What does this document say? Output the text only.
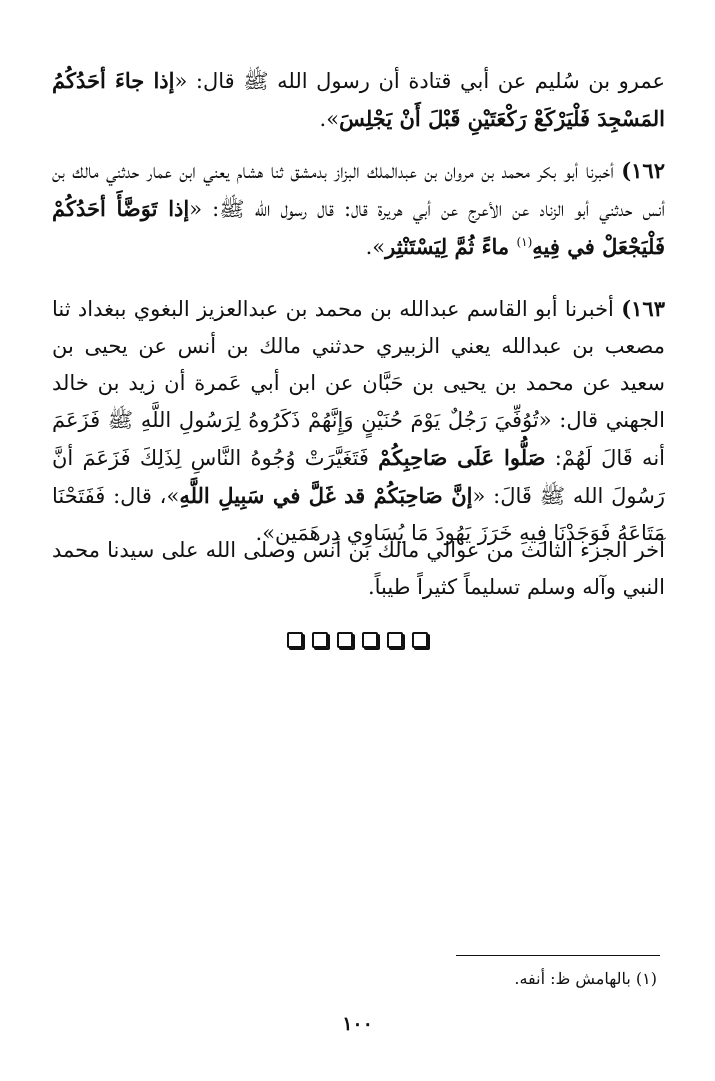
عمرو بن سُليم عن أبي قتادة أن رسول الله ﷺ قال: «إذا جاءَ أحَدُكُمُ المَسْجِدَ فَلْيَرْكَعْ رَكْعَتَيْنِ قَبْلَ أَنْ يَجْلِسَ».

١٦٢) أخبرنا أبو بكر محمد بن مروان بن عبدالملك البزاز بدمشق ثنا هشام يعني ابن عمار حدثني مالك بن أنس حدثني أبو الزناد عن الأعرج عن أبي هريرة قال: قال رسول الله ﷺ: «إذا تَوَضَّأَ أحَدُكُمْ فَلْيَجْعَلْ في فِيهِ$^{(١)}$ ماءً ثُمَّ لِيَسْتَنْثِر».

١٦٣) أخبرنا أبو القاسم عبدالله بن محمد بن عبدالعزيز البغوي ببغداد ثنا مصعب بن عبدالله يعني الزبيري حدثني مالك بن أنس عن يحيى بن سعيد عن محمد بن يحيى بن حَبَّان عن ابن أبي عَمرة أن زيد بن خالد الجهني قال: «تُوُفِّيَ رَجُلٌ يَوْمَ حُنَيْنٍ وَإِنَّهُمْ ذَكَرُوهُ لِرَسُولِ اللَّهِ ﷺ فَزَعَمَ أنه قَالَ لَهُمْ: صَلُّوا عَلَى صَاحِبِكُمْ فَتَغَيَّرَتْ وُجُوهُ النَّاسِ لِذَلِكَ فَزَعَمَ أنَّ رَسُولَ الله ﷺ قَالَ: «إنَّ صَاحِبَكُمْ قد غَلَّ في سَبِيلِ اللَّهِ»، قال: فَفَتَحْنَا مَتَاعَهُ فَوَجَدْنَا فِيهِ خَرَزَ يَهُودَ مَا يُسَاوِي دِرهَمَين».

آخر الجزء الثالث من عوالي مالك بن أنس وصلى الله على سيدنا محمد النبي وآله وسلم تسليماً كثيراً طيباً.

(١) بالهامش ظ: أنفه.
١٠٠
